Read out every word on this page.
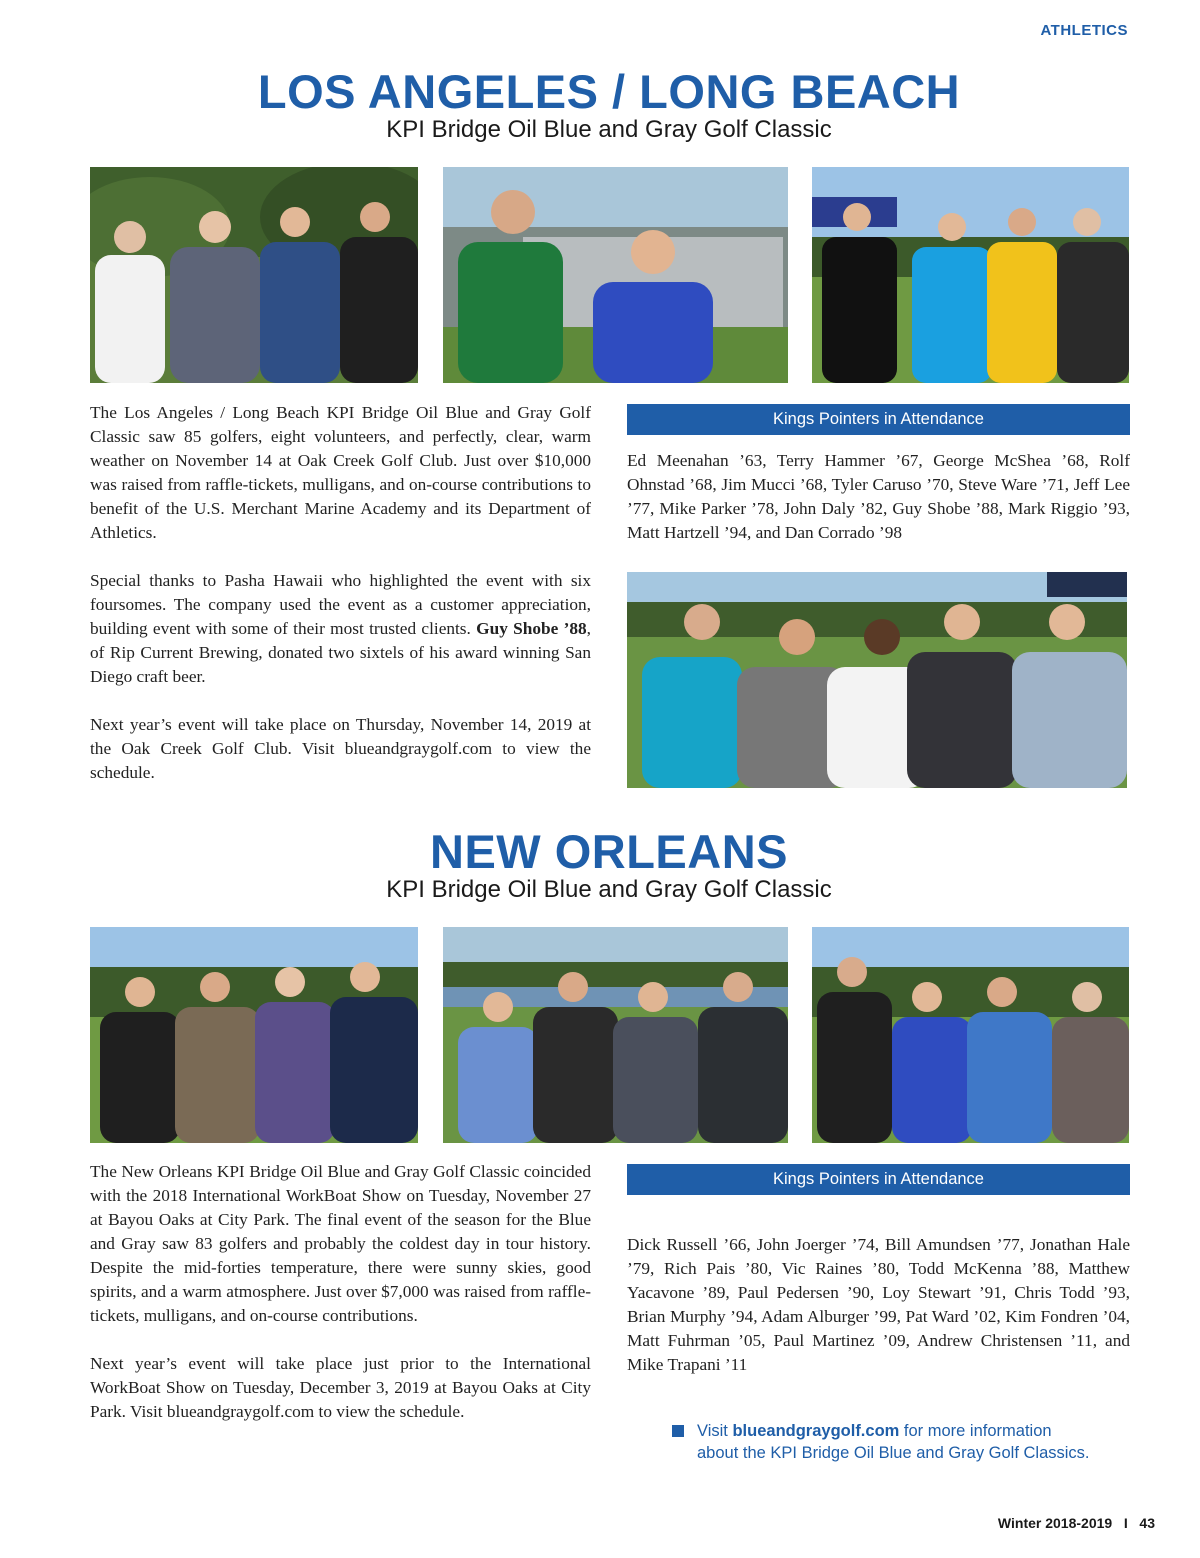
ATHLETICS
LOS ANGELES / LONG BEACH
KPI Bridge Oil Blue and Gray Golf Classic

The Los Angeles / Long Beach KPI Bridge Oil Blue and Gray Golf Classic saw 85 golfers, eight volunteers, and perfectly, clear, warm weather on November 14 at Oak Creek Golf Club. Just over $10,000 was raised from raffle-tickets, mulligans, and on-course contributions to benefit of the U.S. Merchant Marine Academy and its Department of Athletics.

Special thanks to Pasha Hawaii who highlighted the event with six foursomes. The company used the event as a customer appreciation, building event with some of their most trusted clients. Guy Shobe ’88, of Rip Current Brewing, donated two sixtels of his award winning San Diego craft beer.

Next year’s event will take place on Thursday, November 14, 2019 at the Oak Creek Golf Club. Visit blueandgraygolf.com to view the schedule.

Kings Pointers in Attendance
Ed Meenahan ’63, Terry Hammer ’67, George McShea ’68, Rolf Ohnstad ’68, Jim Mucci ’68, Tyler Caruso ’70, Steve Ware ’71, Jeff Lee ’77, Mike Parker ’78, John Daly ’82, Guy Shobe ’88, Mark Riggio ’93, Matt Hartzell ’94, and Dan Corrado ’98
NEW ORLEANS
KPI Bridge Oil Blue and Gray Golf Classic

The New Orleans KPI Bridge Oil Blue and Gray Golf Classic coincided with the 2018 International WorkBoat Show on Tuesday, November 27 at Bayou Oaks at City Park. The final event of the season for the Blue and Gray saw 83 golfers and probably the coldest day in tour history. Despite the mid-forties temperature, there were sunny skies, good spirits, and a warm atmosphere. Just over $7,000 was raised from raffle-tickets, mulligans, and on-course contributions.

Next year’s event will take place just prior to the International WorkBoat Show on Tuesday, December 3, 2019 at Bayou Oaks at City Park. Visit blueandgraygolf.com to view the schedule.

Kings Pointers in Attendance
Dick Russell ’66, John Joerger ’74, Bill Amundsen ’77, Jonathan Hale ’79, Rich Pais ’80, Vic Raines ’80, Todd McKenna ’88, Matthew Yacavone ’89, Paul Pedersen ’90, Loy Stewart ’91, Chris Todd ’93, Brian Murphy ’94, Adam Alburger ’99, Pat Ward ’02, Kim Fondren ’04, Matt Fuhrman ’05, Paul Martinez ’09, Andrew Christensen ’11, and Mike Trapani ’11
Visit blueandgraygolf.com for more information
about the KPI Bridge Oil Blue and Gray Golf Classics.
Winter 2018-2019 I 43
